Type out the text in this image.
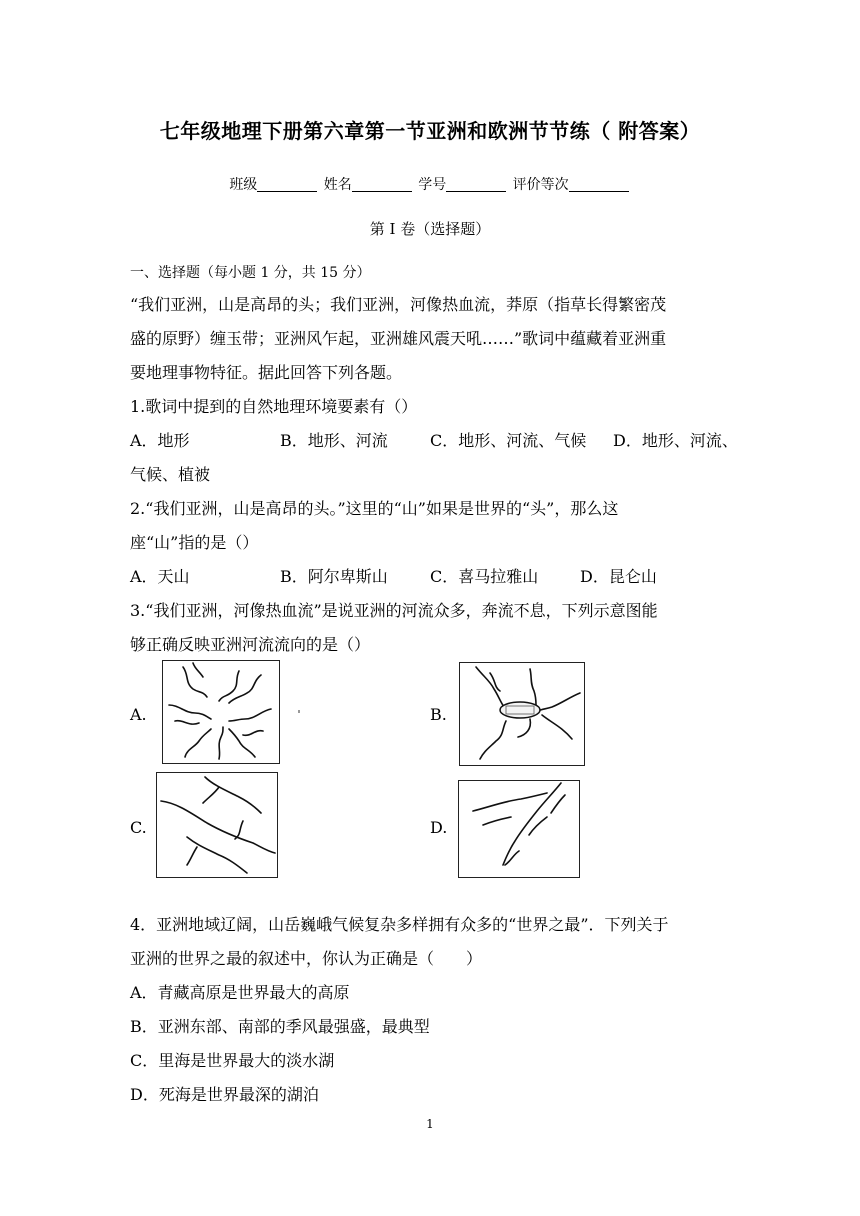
七年级地理下册第六章第一节亚洲和欧洲节节练（ 附答案）
班级	姓名	学号	评价等次
第 I 卷（选择题）
一、选择题（每小题 1 分，共 15 分）
“我们亚洲，山是高昂的头；我们亚洲，河像热血流，莽原（指草长得繁密茂
盛的原野）缠玉带；亚洲风乍起，亚洲雄风震天吼……”歌词中蕴藏着亚洲重
要地理事物特征。据此回答下列各题。
1.歌词中提到的自然地理环境要素有（）
A．地形	B．地形、河流	C．地形、河流、气候 D．地形、河流、
气候、植被
2.“我们亚洲，山是高昂的头。”这里的“山”如果是世界的“头”，那么这
座“山”指的是（）
A．天山	B．阿尔卑斯山	C．喜马拉雅山	D．昆仑山
3.“我们亚洲，河像热血流”是说亚洲的河流众多，奔流不息，下列示意图能
够正确反映亚洲河流流向的是（）
A.	B.
C.	D.
4．亚洲地域辽阔，山岳巍峨气候复杂多样拥有众多的“世界之最”．下列关于
亚洲的世界之最的叙述中，你认为正确是（　　）
A．青藏高原是世界最大的高原
B．亚洲东部、南部的季风最强盛，最典型
C．里海是世界最大的淡水湖
D．死海是世界最深的湖泊
1
